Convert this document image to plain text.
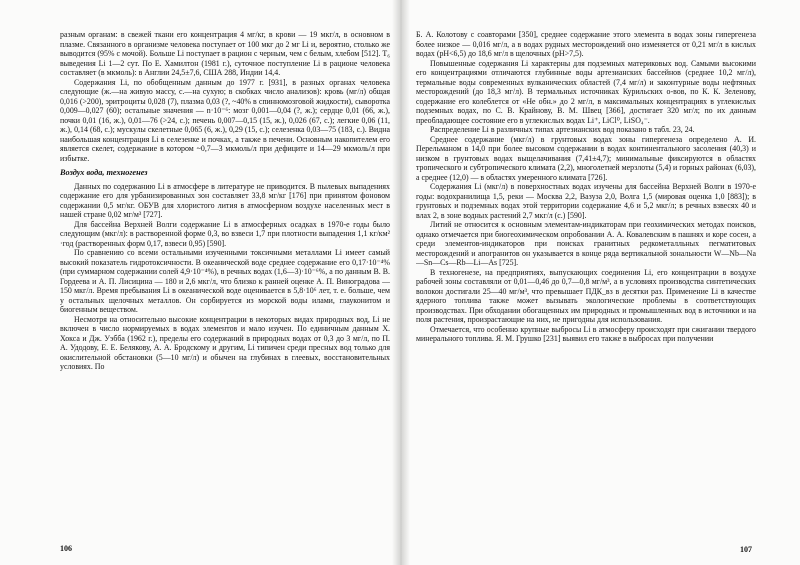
разным органам: в свежей ткани его концентрация 4 мг/кг, в крови — 19 мкг/л, в основном в плазме. Связанного в организме человека поступает от 100 мкг до 2 мг Li и, вероятно, столько же выводится (95% с мочой). Больше Li поступает в рацион с черным, чем с белым, хлебом [512]. T₆ выведения Li 1—2 сут. По Е. Хамилтон (1981 г.), суточное поступление Li в рационе человека составляет (в мкмоль): в Англии 24,5±7,6, США 288, Индии 14,4.

Содержания Li, по обобщенным данным до 1977 г. [931], в разных органах человека следующие (ж.—на живую массу, с.—на сухую; в скобках число анализов): кровь (мг/л) общая 0,016 (>200), эритроциты 0,028 (7), плазма 0,03 (?, ~40% в спинномозговой жидкости), сыворотка 0,009—0,027 (60); остальные значения — n·10⁻⁶: мозг 0,001—0,04 (?, ж.); сердце 0,01 (66, ж.), почки 0,01 (16, ж.), 0,01—76 (>24, с.); печень 0,007—0,15 (15, ж.), 0,026 (67, с.); легкие 0,06 (11, ж.), 0,14 (68, с.); мускулы скелетные 0,065 (6, ж.), 0,29 (15, с.); селезенка 0,03—75 (183, с.). Видна наибольшая концентрация Li в селезенке и почках, а также в печени. Основным накопителем его является скелет, содержание в котором ~0,7—3 мкмоль/л при дефиците и 14—29 мкмоль/л при избытке.

Воздух вода, техногенез

Данных по содержанию Li в атмосфере в литературе не приводится. В пылевых выпадениях содержание его для урбанизированных зон составляет 33,8 мг/кг [176] при принятом фоновом содержании 0,5 мг/кг. ОБУВ для хлористого лития в атмосферном воздухе населенных мест в нашей стране 0,02 мг/м³ [727].

Для бассейна Верхней Волги содержание Li в атмосферных осадках в 1970-е годы было следующим (мкг/л): в растворенной форме 0,3, во взвеси 1,7 при плотности выпадения 1,1 кг/км² ·год (растворенных форм 0,17, взвеси 0,95) [590].

По сравнению со всеми остальными изученными токсичными металлами Li имеет самый высокий показатель гидротоксичности. В океанической воде среднее содержание его 0,17·10⁻⁴% (при суммарном содержании солей 4,9·10⁻⁴%), в речных водах (1,6—3)·10⁻⁶%, а по данным В. В. Гордеева и А. П. Лисицина — 180 и 2,6 мкг/л, что близко к ранней оценке А. П. Виноградова — 150 мкг/л. Время пребывания Li в океанической воде оценивается в 5,8·10⁶ лет, т. е. больше, чем у остальных щелочных металлов. Он сорбируется из морской воды илами, глауконитом и биогенным веществом.

Несмотря на относительно высокие концентрации в некоторых видах природных вод, Li не включен в число нормируемых в водах элементов и мало изучен. По единичным данным Х. Хокса и Дж. Уэбба (1962 г.), пределы его содержаний в природных водах от 0,3 до 3 мг/л, по П. А. Удодову, Е. Е. Белякову, А. А. Бродскому и другим, Li типичен среди пресных вод только для окислительной обстановки (5—10 мг/л) и обычен на глубинах в глеевых, восстановительных условиях. По

106

Б. А. Колотову с соавторами [350], среднее содержание этого элемента в водах зоны гипергенеза более низкое — 0,016 мг/л, а в водах рудных месторождений оно изменяется от 0,21 мг/л в кислых водах (pH<6,5) до 18,6 мг/л в щелочных (pH>7,5).

Повышенные содержания Li характерны для подземных материковых вод. Самыми высокими его концентрациями отличаются глубинные воды артезианских бассейнов (среднее 10,2 мг/л), термальные воды современных вулканических областей (7,4 мг/л) и законтурные воды нефтяных месторождений (до 18,3 мг/л). В термальных источниках Курильских о-вов, по К. К. Зеленову, содержание его колеблется от «Не обн.» до 2 мг/л, в максимальных концентрациях в углекислых подземных водах, по С. В. Крайнову, В. М. Швец [366], достигает 320 мг/л; по их данным преобладающее состояние его в углекислых водах Li⁺, LiCl⁰, LiSO₄⁻.

Распределение Li в различных типах артезианских вод показано в табл. 23, 24.

Среднее содержание (мкг/л) в грунтовых водах зоны гипергенеза определено А. И. Перельманом в 14,0 при более высоком содержании в водах континентального засоления (40,3) и низком в грунтовых водах выщелачивания (7,41±4,7); минимальные фиксируются в областях тропического и субтропического климата (2,2), многолетней мерзлоты (5,4) и горных районах (6,03), а среднее (12,0) — в областях умеренного климата [726].

Содержания Li (мкг/л) в поверхностных водах изучены для бассейна Верхней Волги в 1970-е годы: водохранилища 1,5, реки — Москва 2,2, Вазуза 2,0, Волга 1,5 (мировая оценка 1,0 [883]); в грунтовых и подземных водах этой территории содержание 4,6 и 5,2 мкг/л; в речных взвесях 40 и влах 2, в зоне водных растений 2,7 мкг/л (с.) [590].

Литий не относится к основным элементам-индикаторам при геохимических методах поисков, однако отмечается при биогеохимическом опробовании А. А. Ковалевским в пашнях и коре сосен, а среди элементов-индикаторов при поисках гранитных редкометалльных пегматитовых месторождений и апогранитов он указывается в конце ряда вертикальной зональности W—Nb—Na—Sn—Cs—Rb—Li—As [725].

В техногенезе, на предприятиях, выпускающих соединения Li, его концентрации в воздухе рабочей зоны составляли от 0,01—0,46 до 0,7—0,8 мг/м³, а в условиях производства синтетических волокон достигали 25—40 мг/м³, что превышает ПДК_вз в десятки раз. Применение Li в качестве ядерного топлива также может вызывать экологические проблемы в соответствующих производствах. При обходании обогащенных им природных и промышленных вод в источники и на поля растения, произрастающие на них, не пригодны для использования.

Отмечается, что особенно крупные выбросы Li в атмосферу происходят при сжигании твердого минерального топлива. Я. М. Грушко [231] выявил его также в выбросах при получении

107
